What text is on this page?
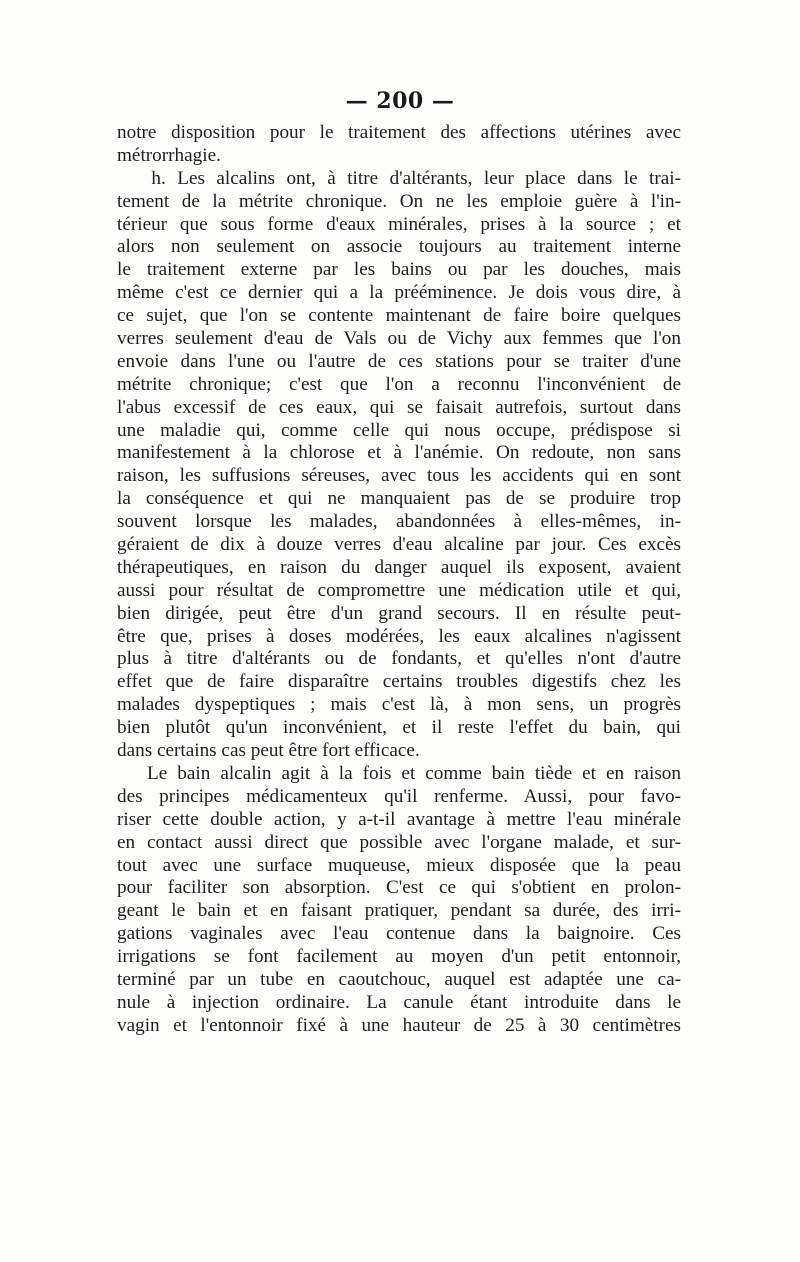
— 200 —
notre disposition pour le traitement des affections utérines avec
métrorrhagie.
h. Les alcalins ont, à titre d'altérants, leur place dans le trai-
tement de la métrite chronique. On ne les emploie guère à l'in-
térieur que sous forme d'eaux minérales, prises à la source ; et
alors non seulement on associe toujours au traitement interne
le traitement externe par les bains ou par les douches, mais
même c'est ce dernier qui a la prééminence. Je dois vous dire, à
ce sujet, que l'on se contente maintenant de faire boire quelques
verres seulement d'eau de Vals ou de Vichy aux femmes que l'on
envoie dans l'une ou l'autre de ces stations pour se traiter d'une
métrite chronique; c'est que l'on a reconnu l'inconvénient de
l'abus excessif de ces eaux, qui se faisait autrefois, surtout dans
une maladie qui, comme celle qui nous occupe, prédispose si
manifestement à la chlorose et à l'anémie. On redoute, non sans
raison, les suffusions séreuses, avec tous les accidents qui en sont
la conséquence et qui ne manquaient pas de se produire trop
souvent lorsque les malades, abandonnées à elles-mêmes, in-
géraient de dix à douze verres d'eau alcaline par jour. Ces excès
thérapeutiques, en raison du danger auquel ils exposent, avaient
aussi pour résultat de compromettre une médication utile et qui,
bien dirigée, peut être d'un grand secours. Il en résulte peut-
être que, prises à doses modérées, les eaux alcalines n'agissent
plus à titre d'altérants ou de fondants, et qu'elles n'ont d'autre
effet que de faire disparaître certains troubles digestifs chez les
malades dyspeptiques ; mais c'est là, à mon sens, un progrès
bien plutôt qu'un inconvénient, et il reste l'effet du bain, qui
dans certains cas peut être fort efficace.
Le bain alcalin agit à la fois et comme bain tiède et en raison
des principes médicamenteux qu'il renferme. Aussi, pour favo-
riser cette double action, y a-t-il avantage à mettre l'eau minérale
en contact aussi direct que possible avec l'organe malade, et sur-
tout avec une surface muqueuse, mieux disposée que la peau
pour faciliter son absorption. C'est ce qui s'obtient en prolon-
geant le bain et en faisant pratiquer, pendant sa durée, des irri-
gations vaginales avec l'eau contenue dans la baignoire. Ces
irrigations se font facilement au moyen d'un petit entonnoir,
terminé par un tube en caoutchouc, auquel est adaptée une ca-
nule à injection ordinaire. La canule étant introduite dans le
vagin et l'entonnoir fixé à une hauteur de 25 à 30 centimètres
